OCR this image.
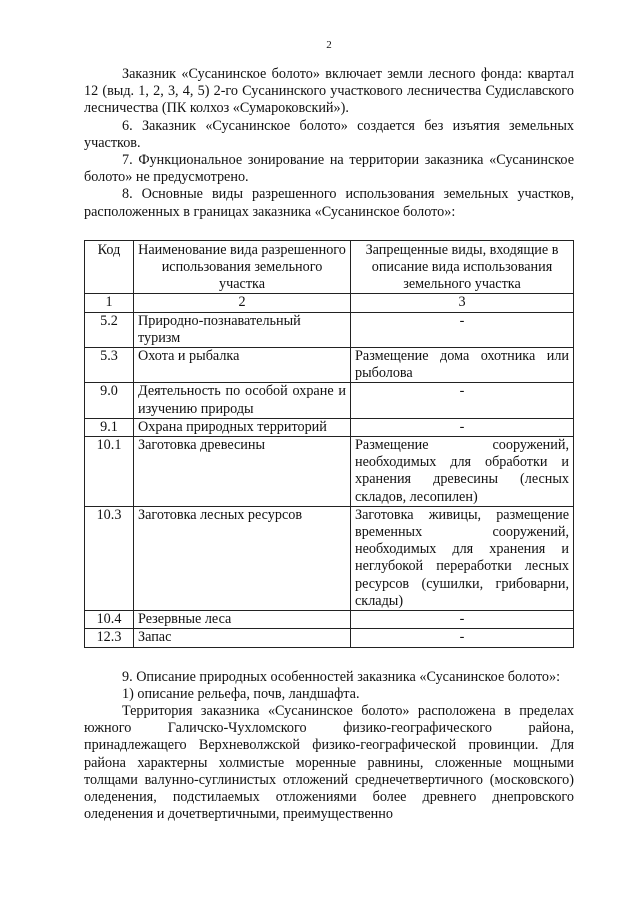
2

Заказник «Сусанинское болото» включает земли лесного фонда: квартал 12 (выд. 1, 2, 3, 4, 5) 2-го Сусанинского участкового лесничества Судиславского лесничества (ПК колхоз «Сумароковский»).

6. Заказник «Сусанинское болото» создается без изъятия земельных участков.

7. Функциональное зонирование на территории заказника «Сусанинское болото» не предусмотрено.

8. Основные виды разрешенного использования земельных участков, расположенных в границах заказника «Сусанинское болото»:

Код	Наименование вида разрешенного использования земельного участка	Запрещенные виды, входящие в описание вида использования земельного участка
1	2	3
5.2	Природно-познавательный туризм	-
5.3	Охота и рыбалка	Размещение дома охотника или рыболова
9.0	Деятельность по особой охране и изучению природы	-
9.1	Охрана природных территорий	-
10.1	Заготовка древесины	Размещение сооружений, необходимых для обработки и хранения древесины (лесных складов, лесопилен)
10.3	Заготовка лесных ресурсов	Заготовка живицы, размещение временных сооружений, необходимых для хранения и неглубокой переработки лесных ресурсов (сушилки, грибоварни, склады)
10.4	Резервные леса	-
12.3	Запас	-

9. Описание природных особенностей заказника «Сусанинское болото»:

1) описание рельефа, почв, ландшафта.

Территория заказника «Сусанинское болото» расположена в пределах южного Галичско-Чухломского физико-географического района, принадлежащего Верхневолжской физико-географической провинции. Для района характерны холмистые моренные равнины, сложенные мощными толщами валунно-суглинистых отложений среднечетвертичного (московского) оледенения, подстилаемых отложениями более древнего днепровского оледенения и дочетвертичными, преимущественно
